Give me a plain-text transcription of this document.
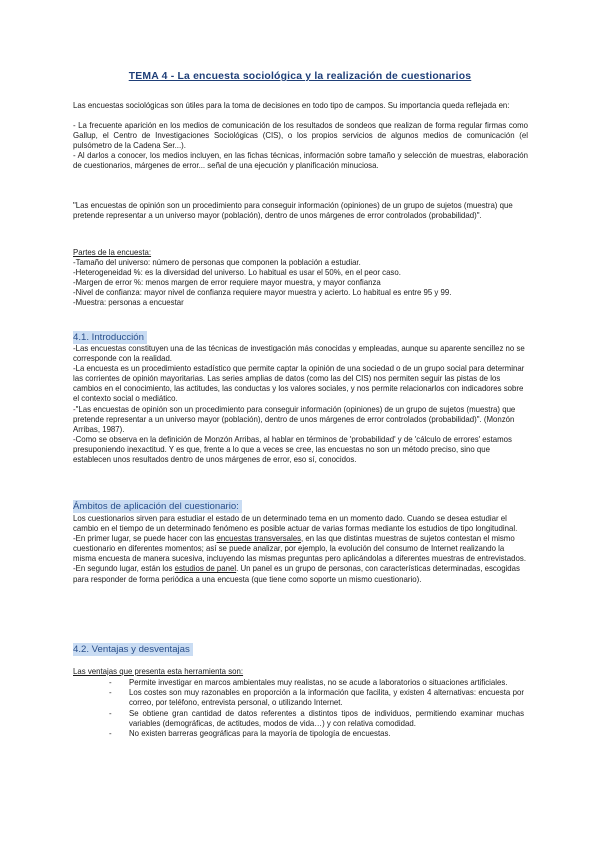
TEMA 4 - La encuesta sociológica y la realización de cuestionarios

Las encuestas sociológicas son útiles para la toma de decisiones en todo tipo de campos. Su importancia queda reflejada en:

- La frecuente aparición en los medios de comunicación de los resultados de sondeos que realizan de forma regular firmas como Gallup, el Centro de Investigaciones Sociológicas (CIS), o los propios servicios de algunos medios de comunicación (el pulsómetro de la Cadena Ser...).

- Al darlos a conocer, los medios incluyen, en las fichas técnicas, información sobre tamaño y selección de muestras, elaboración de cuestionarios, márgenes de error... señal de una ejecución y planificación minuciosa.

"Las encuestas de opinión son un procedimiento para conseguir información (opiniones) de un grupo de sujetos (muestra) que pretende representar a un universo mayor (población), dentro de unos márgenes de error controlados (probabilidad)".

Partes de la encuesta:

-Tamaño del universo: número de personas que componen la población a estudiar.

-Heterogeneidad %: es la diversidad del universo. Lo habitual es usar el 50%, en el peor caso.

-Margen de error %: menos margen de error requiere mayor muestra, y mayor confianza

-Nivel de confianza: mayor nivel de confianza requiere mayor muestra y acierto. Lo habitual es entre 95 y 99.

-Muestra: personas a encuestar

4.1. Introducción

-Las encuestas constituyen una de las técnicas de investigación más conocidas y empleadas, aunque su aparente sencillez no se corresponde con la realidad.

-La encuesta es un procedimiento estadístico que permite captar la opinión de una sociedad o de un grupo social para determinar las corrientes de opinión mayoritarias. Las series amplias de datos (como las del CIS) nos permiten seguir las pistas de los cambios en el conocimiento, las actitudes, las conductas y los valores sociales, y nos permite relacionarlos con indicadores sobre el contexto social o mediático.

-"Las encuestas de opinión son un procedimiento para conseguir información (opiniones) de un grupo de sujetos (muestra) que pretende representar a un universo mayor (población), dentro de unos márgenes de error controlados (probabilidad)". (Monzón Arribas, 1987).

-Como se observa en la definición de Monzón Arribas, al hablar en términos de 'probabilidad' y de 'cálculo de errores' estamos presuponiendo inexactitud. Y es que, frente a lo que a veces se cree, las encuestas no son un método preciso, sino que establecen unos resultados dentro de unos márgenes de error, eso sí, conocidos.

Ámbitos de aplicación del cuestionario:

Los cuestionarios sirven para estudiar el estado de un determinado tema en un momento dado. Cuando se desea estudiar el cambio en el tiempo de un determinado fenómeno es posible actuar de varias formas mediante los estudios de tipo longitudinal.

-En primer lugar, se puede hacer con las encuestas transversales, en las que distintas muestras de sujetos contestan el mismo cuestionario en diferentes momentos; así se puede analizar, por ejemplo, la evolución del consumo de Internet realizando la misma encuesta de manera sucesiva, incluyendo las mismas preguntas pero aplicándolas a diferentes muestras de entrevistados.

-En segundo lugar, están los estudios de panel. Un panel es un grupo de personas, con características determinadas, escogidas para responder de forma periódica a una encuesta (que tiene como soporte un mismo cuestionario).

4.2. Ventajas y desventajas
Las ventajas que presenta esta herramienta son:
-	Permite investigar en marcos ambientales muy realistas, no se acude a laboratorios o situaciones artificiales.
-	Los costes son muy razonables en proporción a la información que facilita, y existen 4 alternativas: encuesta por correo, por teléfono, entrevista personal, o utilizando Internet.
-	Se obtiene gran cantidad de datos referentes a distintos tipos de individuos, permitiendo examinar muchas variables (demográficas, de actitudes, modos de vida…) y con relativa comodidad.
-	No existen barreras geográficas para la mayoría de tipología de encuestas.
